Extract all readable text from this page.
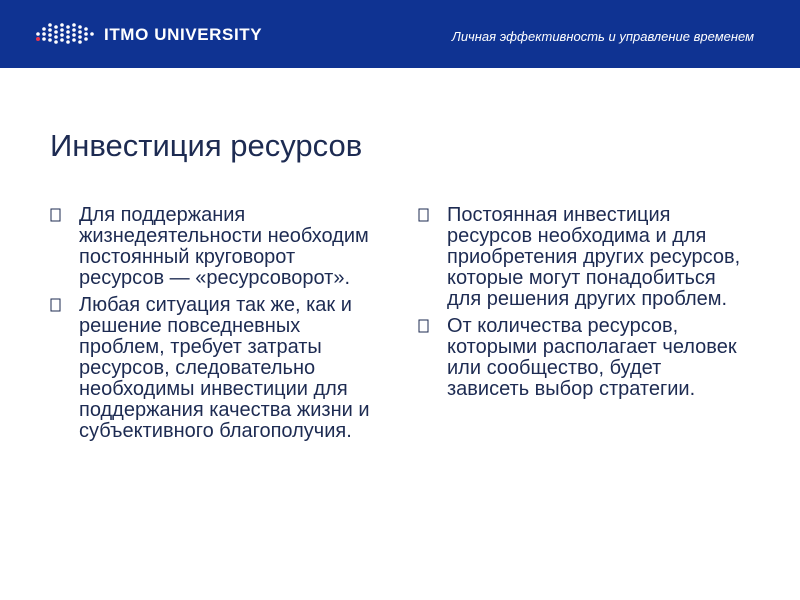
ITMO UNIVERSITY	Личная эффективность и управление временем
Инвестиция ресурсов
Для поддержания жизнедеятельности необходим постоянный круговорот ресурсов — «ресурсоворот».
Любая ситуация так же, как и решение повседневных проблем, требует затраты ресурсов, следовательно необходимы инвестиции для поддержания качества жизни и субъективного благополучия.
Постоянная инвестиция ресурсов необходима и для приобретения других ресурсов, которые могут понадобиться для решения других проблем.
От количества ресурсов, которыми располагает человек или сообщество, будет зависеть выбор стратегии.
